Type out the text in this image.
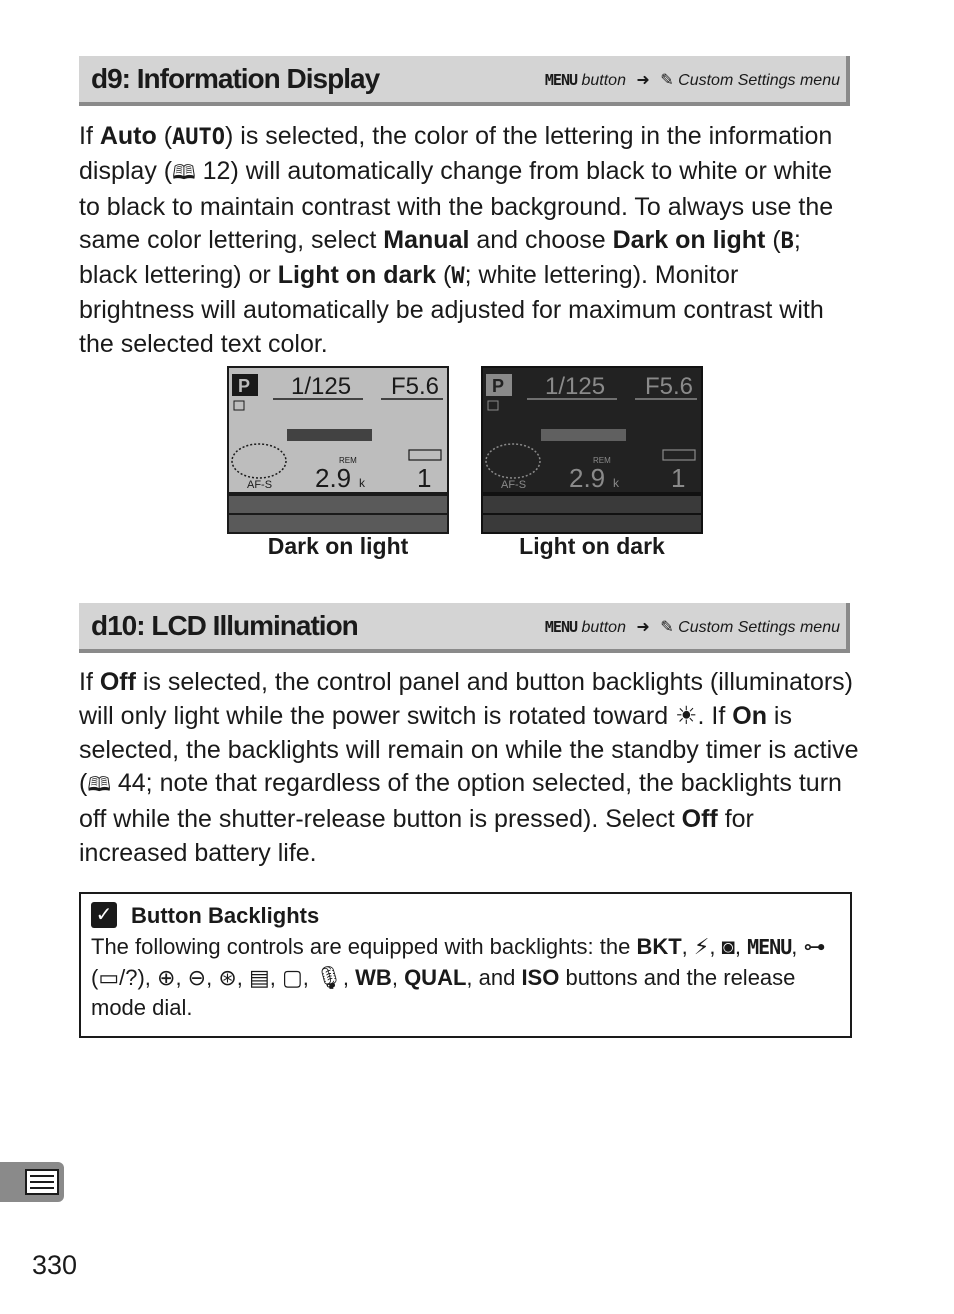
d9: Information Display	MENU button ➜ ✎ Custom Settings menu
If Auto (AUTO) is selected, the color of the lettering in the information display (🕮 12) will automatically change from black to white or white to black to maintain contrast with the background. To always use the same color lettering, select Manual and choose Dark on light (B; black lettering) or Light on dark (W; white lettering). Monitor brightness will automatically be adjusted for maximum contrast with the selected text color.
P 1/125 F5.6
AF-S
REM
2.9 k 1
Dark on light
P 1/125 F5.6
AF-S
REM
2.9 k 1
Light on dark
d10: LCD Illumination	MENU button ➜ ✎ Custom Settings menu
If Off is selected, the control panel and button backlights (illuminators) will only light while the power switch is rotated toward ☀. If On is selected, the backlights will remain on while the standby timer is active (🕮 44; note that regardless of the option selected, the backlights turn off while the shutter-release button is pressed). Select Off for increased battery life.
✓ Button Backlights
The following controls are equipped with backlights: the BKT, ⚡, ◙, MENU, ⊶ (▭/?), ⊕, ⊖, ⊛, ▤, ▢, 🎙, WB, QUAL, and ISO buttons and the release mode dial.
330
